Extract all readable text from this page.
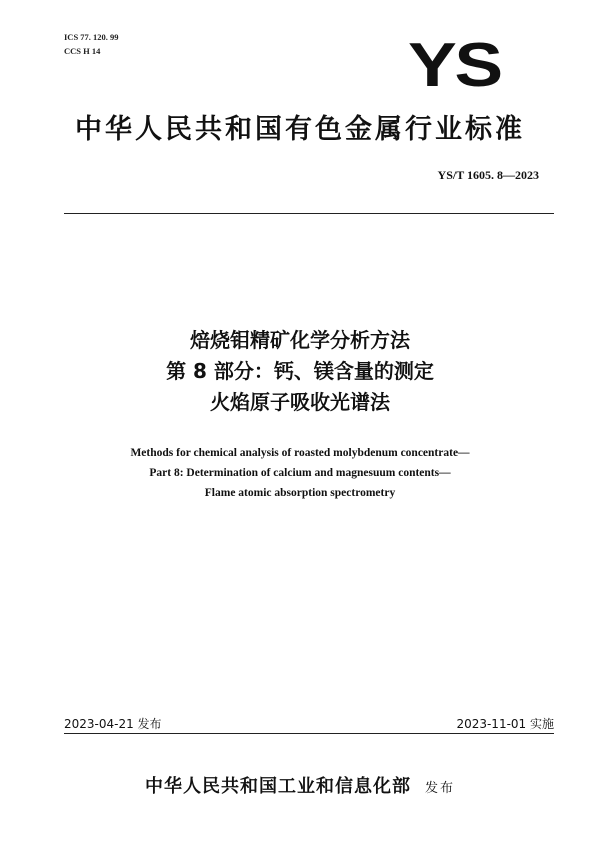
ICS 77. 120. 99
CCS H 14	YS
中华人民共和国有色金属行业标准
YS/T 1605. 8—2023
焙烧钼精矿化学分析方法
第 8 部分：钙、镁含量的测定
火焰原子吸收光谱法
Methods for chemical analysis of roasted molybdenum concentrate—
Part 8: Determination of calcium and magnesuum contents—
Flame atomic absorption spectrometry
2023-04-21 发布	2023-11-01 实施
中华人民共和国工业和信息化部 发布
